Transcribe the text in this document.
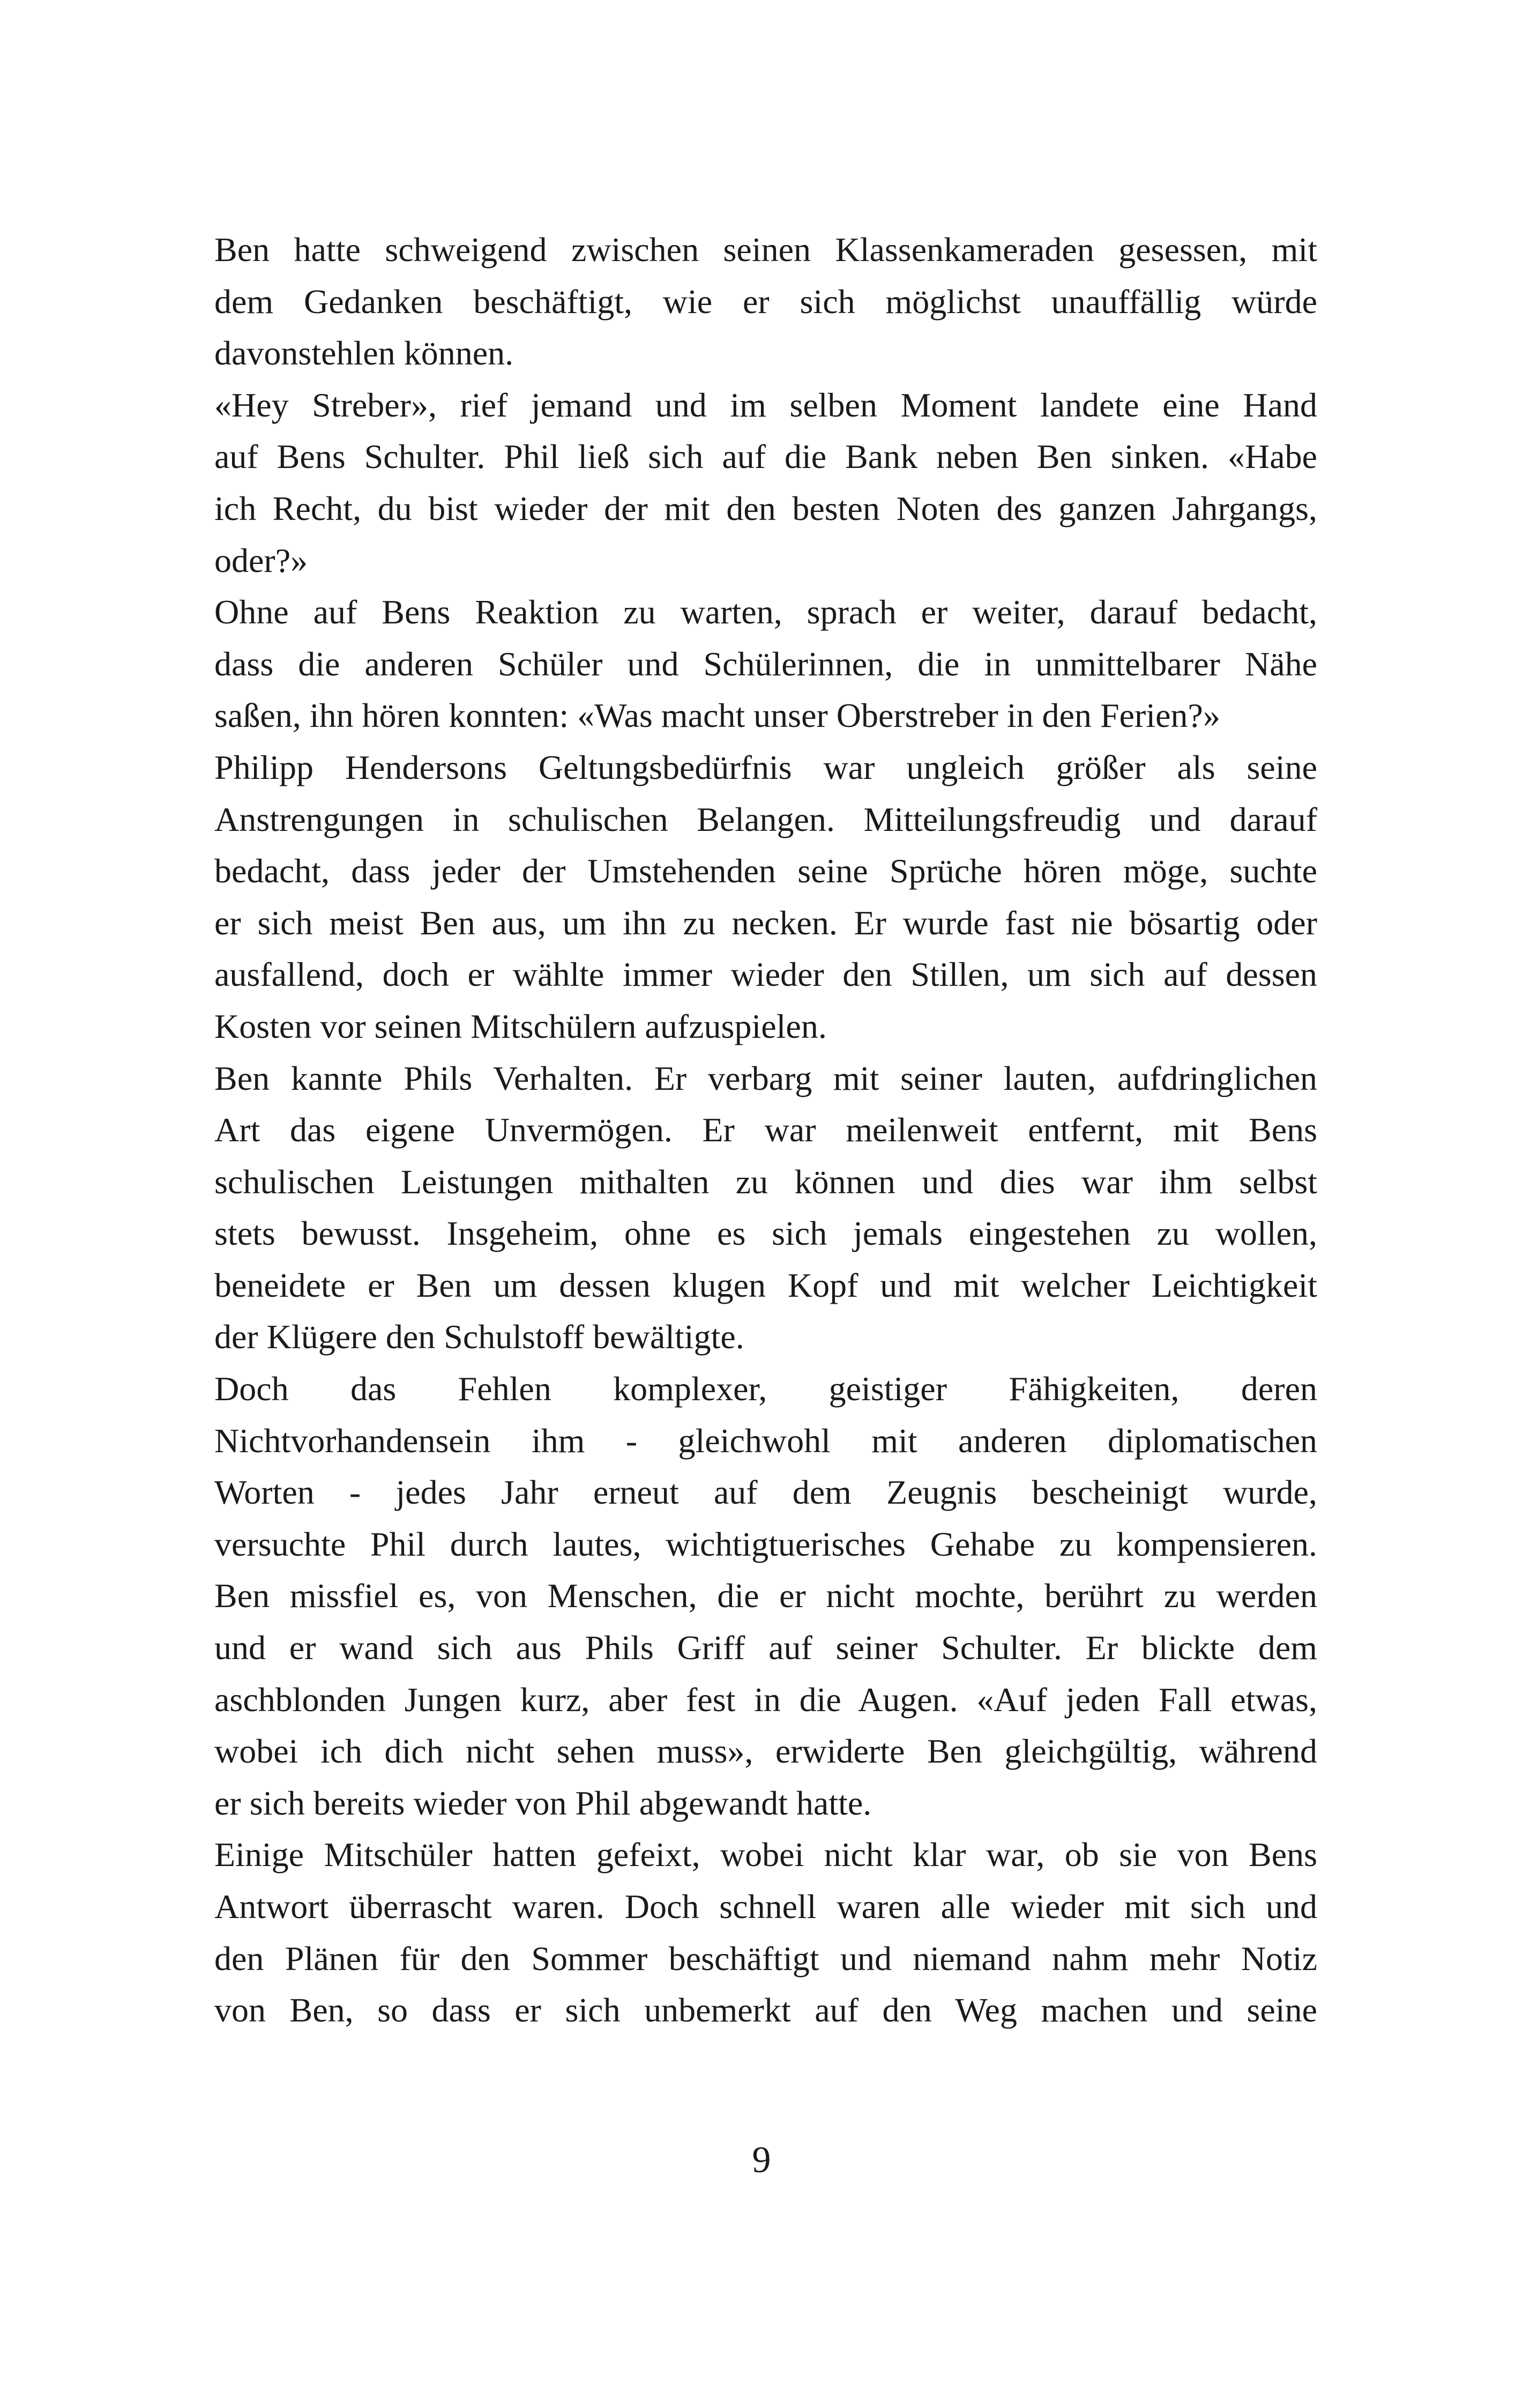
Ben hatte schweigend zwischen seinen Klassenkameraden gesessen, mit
dem Gedanken beschäftigt, wie er sich möglichst unauffällig würde
davonstehlen können.
«Hey Streber», rief jemand und im selben Moment landete eine Hand
auf Bens Schulter. Phil ließ sich auf die Bank neben Ben sinken. «Habe
ich Recht, du bist wieder der mit den besten Noten des ganzen Jahrgangs,
oder?»
Ohne auf Bens Reaktion zu warten, sprach er weiter, darauf bedacht,
dass die anderen Schüler und Schülerinnen, die in unmittelbarer Nähe
saßen, ihn hören konnten: «Was macht unser Oberstreber in den Ferien?»
Philipp Hendersons Geltungsbedürfnis war ungleich größer als seine
Anstrengungen in schulischen Belangen. Mitteilungsfreudig und darauf
bedacht, dass jeder der Umstehenden seine Sprüche hören möge, suchte
er sich meist Ben aus, um ihn zu necken. Er wurde fast nie bösartig oder
ausfallend, doch er wählte immer wieder den Stillen, um sich auf dessen
Kosten vor seinen Mitschülern aufzuspielen.
Ben kannte Phils Verhalten. Er verbarg mit seiner lauten, aufdringlichen
Art das eigene Unvermögen. Er war meilenweit entfernt, mit Bens
schulischen Leistungen mithalten zu können und dies war ihm selbst
stets bewusst. Insgeheim, ohne es sich jemals eingestehen zu wollen,
beneidete er Ben um dessen klugen Kopf und mit welcher Leichtigkeit
der Klügere den Schulstoff bewältigte.
Doch das Fehlen komplexer, geistiger Fähigkeiten, deren
Nichtvorhandensein ihm - gleichwohl mit anderen diplomatischen
Worten - jedes Jahr erneut auf dem Zeugnis bescheinigt wurde,
versuchte Phil durch lautes, wichtigtuerisches Gehabe zu kompensieren.
Ben missfiel es, von Menschen, die er nicht mochte, berührt zu werden
und er wand sich aus Phils Griff auf seiner Schulter. Er blickte dem
aschblonden Jungen kurz, aber fest in die Augen. «Auf jeden Fall etwas,
wobei ich dich nicht sehen muss», erwiderte Ben gleichgültig, während
er sich bereits wieder von Phil abgewandt hatte.
Einige Mitschüler hatten gefeixt, wobei nicht klar war, ob sie von Bens
Antwort überrascht waren. Doch schnell waren alle wieder mit sich und
den Plänen für den Sommer beschäftigt und niemand nahm mehr Notiz
von Ben, so dass er sich unbemerkt auf den Weg machen und seine
9
